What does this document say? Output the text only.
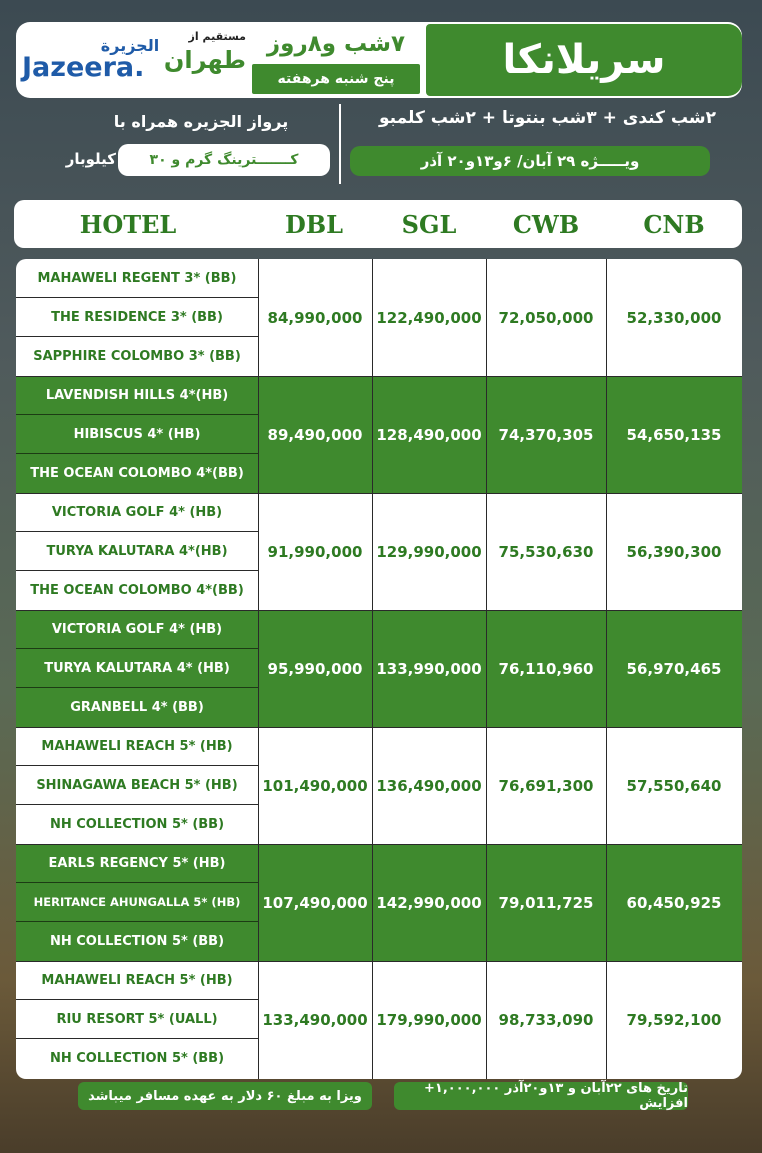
سریلانکا
۷شب و۸روز
پنج شنبه هرهفته
مستقیم از
طهران
الجزيرة
Jazeera.
۲شب کندی + ۳شب بنتوتا + ۲شب کلمبو
ویـــــژه ۲۹ آبان/ ۶و۱۳و۲۰ آذر
پرواز الجزیره همراه با
کـــــــترینگ گرم و ۳۰
کیلوبار
HOTEL	DBL	SGL	CWB	CNB
MAHAWELI REGENT 3* (BB)
THE RESIDENCE 3* (BB)
SAPPHIRE COLOMBO 3* (BB)
84,990,000 122,490,000	72,050,000	52,330,000
LAVENDISH HILLS 4*(HB)
HIBISCUS 4* (HB)
THE OCEAN COLOMBO 4*(BB)
89,490,000 128,490,000	74,370,305	54,650,135
VICTORIA GOLF 4* (HB)
TURYA KALUTARA 4*(HB)
THE OCEAN COLOMBO 4*(BB)
91,990,000 129,990,000	75,530,630	56,390,300
VICTORIA GOLF 4* (HB)
TURYA KALUTARA 4* (HB)
GRANBELL 4* (BB)
95,990,000 133,990,000	76,110,960	56,970,465
MAHAWELI REACH 5* (HB)
SHINAGAWA BEACH 5* (HB)
NH COLLECTION 5* (BB)
101,490,000 136,490,000	76,691,300	57,550,640
EARLS REGENCY 5* (HB)
HERITANCE AHUNGALLA 5* (HB)
NH COLLECTION 5* (BB)
107,490,000 142,990,000	79,011,725	60,450,925
MAHAWELI REACH 5* (HB)
RIU RESORT 5* (UALL)
NH COLLECTION 5* (BB)
133,490,000 179,990,000	98,733,090	79,592,100
ویزا به مبلغ ۶۰ دلار به عهده مسافر میباشد	تاریخ های ۲۲آبان و ۱۳و۲۰آذر ۱,۰۰۰,۰۰۰+ افزایش
